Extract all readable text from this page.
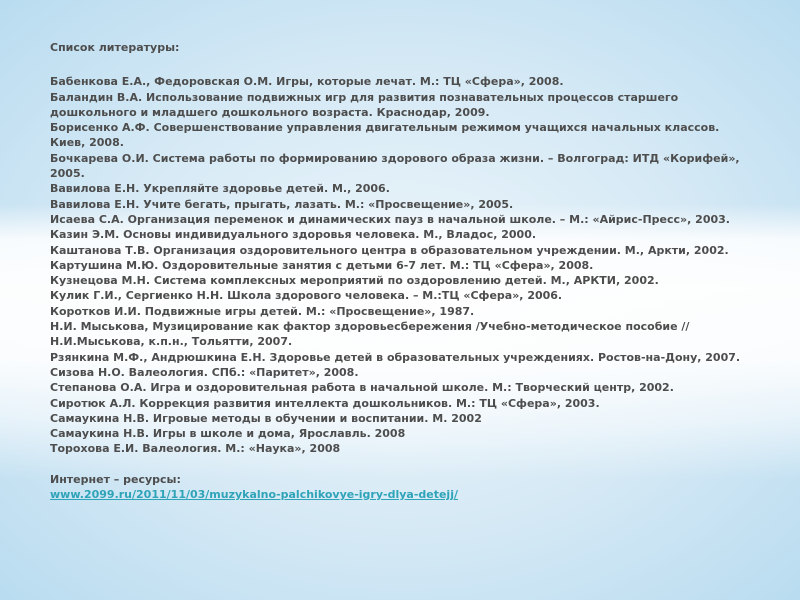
Список литературы:
Бабенкова Е.А., Федоровская О.М. Игры, которые лечат. М.: ТЦ «Сфера», 2008.
Баландин В.А. Использование подвижных игр для развития познавательных процессов старшего дошкольного и младшего дошкольного возраста. Краснодар, 2009.
Борисенко А.Ф. Совершенствование управления двигательным режимом учащихся начальных классов. Киев, 2008.
Бочкарева О.И. Система работы по формированию здорового образа жизни. – Волгоград: ИТД «Корифей», 2005.
Вавилова Е.Н. Укрепляйте здоровье детей. М., 2006.
Вавилова Е.Н. Учите бегать, прыгать, лазать. М.: «Просвещение», 2005.
Исаева С.А. Организация переменок и динамических пауз в начальной школе. – М.: «Айрис-Пресс», 2003.
Казин Э.М. Основы индивидуального здоровья человека. М., Владос, 2000.
Каштанова Т.В. Организация оздоровительного центра в образовательном учреждении. М., Аркти, 2002.
Картушина М.Ю. Оздоровительные занятия с детьми 6-7 лет. М.: ТЦ «Сфера», 2008.
Кузнецова М.Н. Система комплексных мероприятий по оздоровлению детей. М., АРКТИ, 2002.
Кулик Г.И., Сергиенко Н.Н. Школа здорового человека. – М.:ТЦ «Сфера», 2006.
Коротков И.И. Подвижные игры детей. М.: «Просвещение», 1987.
Н.И. Мыськова, Музицирование как фактор здоровьесбережения /Учебно-методическое пособие // Н.И.Мыськова, к.п.н., Тольятти, 2007.
Рзянкина М.Ф., Андрюшкина Е.Н. Здоровье детей в образовательных учреждениях. Ростов-на-Дону, 2007.
Сизова Н.О. Валеология. СПб.: «Паритет», 2008.
Степанова О.А. Игра и оздоровительная работа в начальной школе. М.: Творческий центр, 2002.
Сиротюк А.Л. Коррекция развития интеллекта дошкольников. М.: ТЦ «Сфера», 2003.
Самаукина Н.В. Игровые методы в обучении и воспитании. М. 2002
Самаукина Н.В. Игры в школе и дома, Ярославль. 2008
Торохова Е.И. Валеология. М.: «Наука», 2008
Интернет – ресурсы:
www.2099.ru/2011/11/03/muzykalno-palchikovye-igry-dlya-detejj/
